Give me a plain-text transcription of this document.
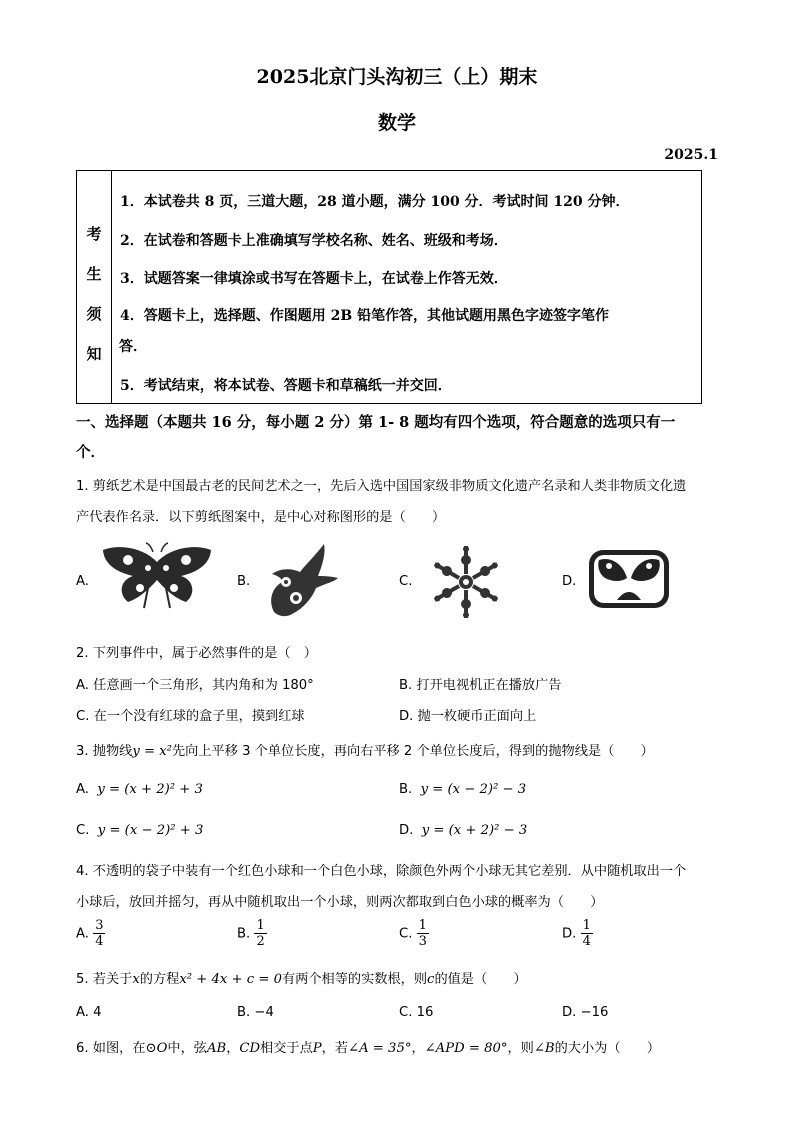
2025北京门头沟初三（上）期末
数学
2025.1
考
生
须
知
1．本试卷共 8 页，三道大题，28 道小题，满分 100 分．考试时间 120 分钟．
2．在试卷和答题卡上准确填写学校名称、姓名、班级和考场．
3．试题答案一律填涂或书写在答题卡上，在试卷上作答无效．
4．答题卡上，选择题、作图题用 2B 铅笔作答，其他试题用黑色字迹签字笔作
答．
5．考试结束，将本试卷、答题卡和草稿纸一并交回．
一、选择题（本题共 16 分，每小题 2 分）第 1- 8 题均有四个选项，符合题意的选项只有一
个．
1. 剪纸艺术是中国最古老的民间艺术之一，先后入选中国国家级非物质文化遗产名录和人类非物质文化遗
产代表作名录．以下剪纸图案中，是中心对称图形的是（　　）
A.	B.	C.	D.
2. 下列事件中，属于必然事件的是（　）
A. 任意画一个三角形，其内角和为 180°	B. 打开电视机正在播放广告
C. 在一个没有红球的盒子里，摸到红球	D. 抛一枚硬币正面向上
3. 抛物线y = x²先向上平移 3 个单位长度，再向右平移 2 个单位长度后，得到的抛物线是（　　）
A. y = (x + 2)² + 3	B. y = (x − 2)² − 3
C. y = (x − 2)² + 3	D. y = (x + 2)² − 3
4. 不透明的袋子中装有一个红色小球和一个白色小球，除颜色外两个小球无其它差别．从中随机取出一个
小球后，放回并摇匀，再从中随机取出一个小球，则两次都取到白色小球的概率为（　　）
A. $\frac{3}{4}$	B. $\frac{1}{2}$	C. $\frac{1}{3}$	D. $\frac{1}{4}$
5. 若关于x的方程x² + 4x + c = 0有两个相等的实数根，则c的值是（　　）
A. 4	B. −4	C. 16	D. −16
6. 如图，在⊙O中，弦AB，CD相交于点P，若∠A = 35°，∠APD = 80°，则∠B的大小为（　　）
